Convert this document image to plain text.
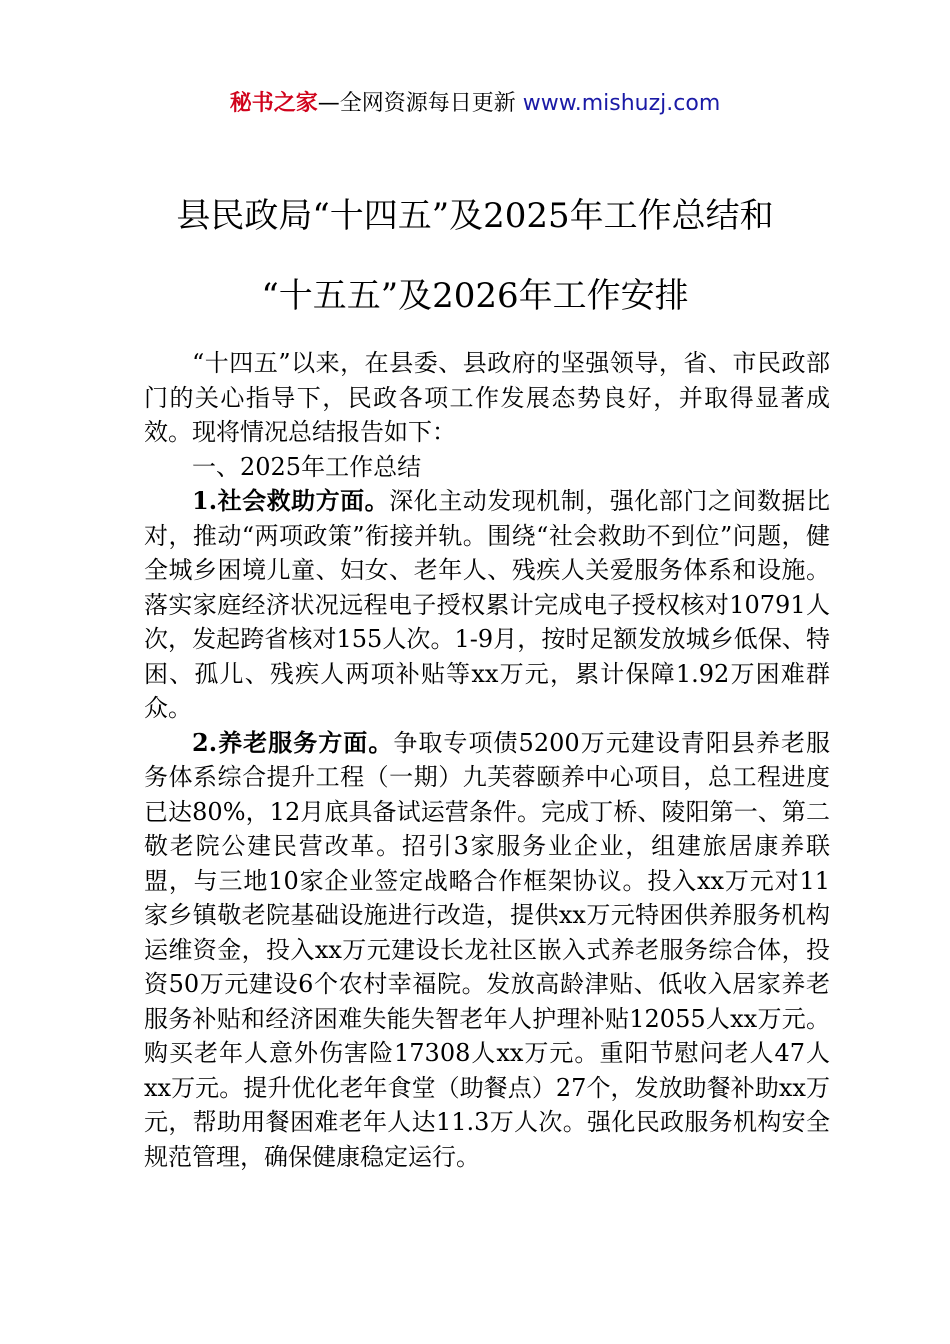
秘书之家—全网资源每日更新 www.mishuzj.com
县民政局“十四五”及2025年工作总结和
“十五五”及2026年工作安排

“十四五”以来，在县委、县政府的坚强领导，省、市民政部门的关心指导下，民政各项工作发展态势良好，并取得显著成效。现将情况总结报告如下：

一、2025年工作总结

1.社会救助方面。深化主动发现机制，强化部门之间数据比对，推动“两项政策”衔接并轨。围绕“社会救助不到位”问题，健全城乡困境儿童、妇女、老年人、残疾人关爱服务体系和设施。落实家庭经济状况远程电子授权累计完成电子授权核对10791人次，发起跨省核对155人次。1-9月，按时足额发放城乡低保、特困、孤儿、残疾人两项补贴等xx万元，累计保障1.92万困难群众。

2.养老服务方面。争取专项债5200万元建设青阳县养老服务体系综合提升工程（一期）九芙蓉颐养中心项目，总工程进度已达80%，12月底具备试运营条件。完成丁桥、陵阳第一、第二敬老院公建民营改革。招引3家服务业企业，组建旅居康养联盟，与三地10家企业签定战略合作框架协议。投入xx万元对11家乡镇敬老院基础设施进行改造，提供xx万元特困供养服务机构运维资金，投入xx万元建设长龙社区嵌入式养老服务综合体，投资50万元建设6个农村幸福院。发放高龄津贴、低收入居家养老服务补贴和经济困难失能失智老年人护理补贴12055人xx万元。购买老年人意外伤害险17308人xx万元。重阳节慰问老人47人xx万元。提升优化老年食堂（助餐点）27个，发放助餐补助xx万元，帮助用餐困难老年人达11.3万人次。强化民政服务机构安全规范管理，确保健康稳定运行。
